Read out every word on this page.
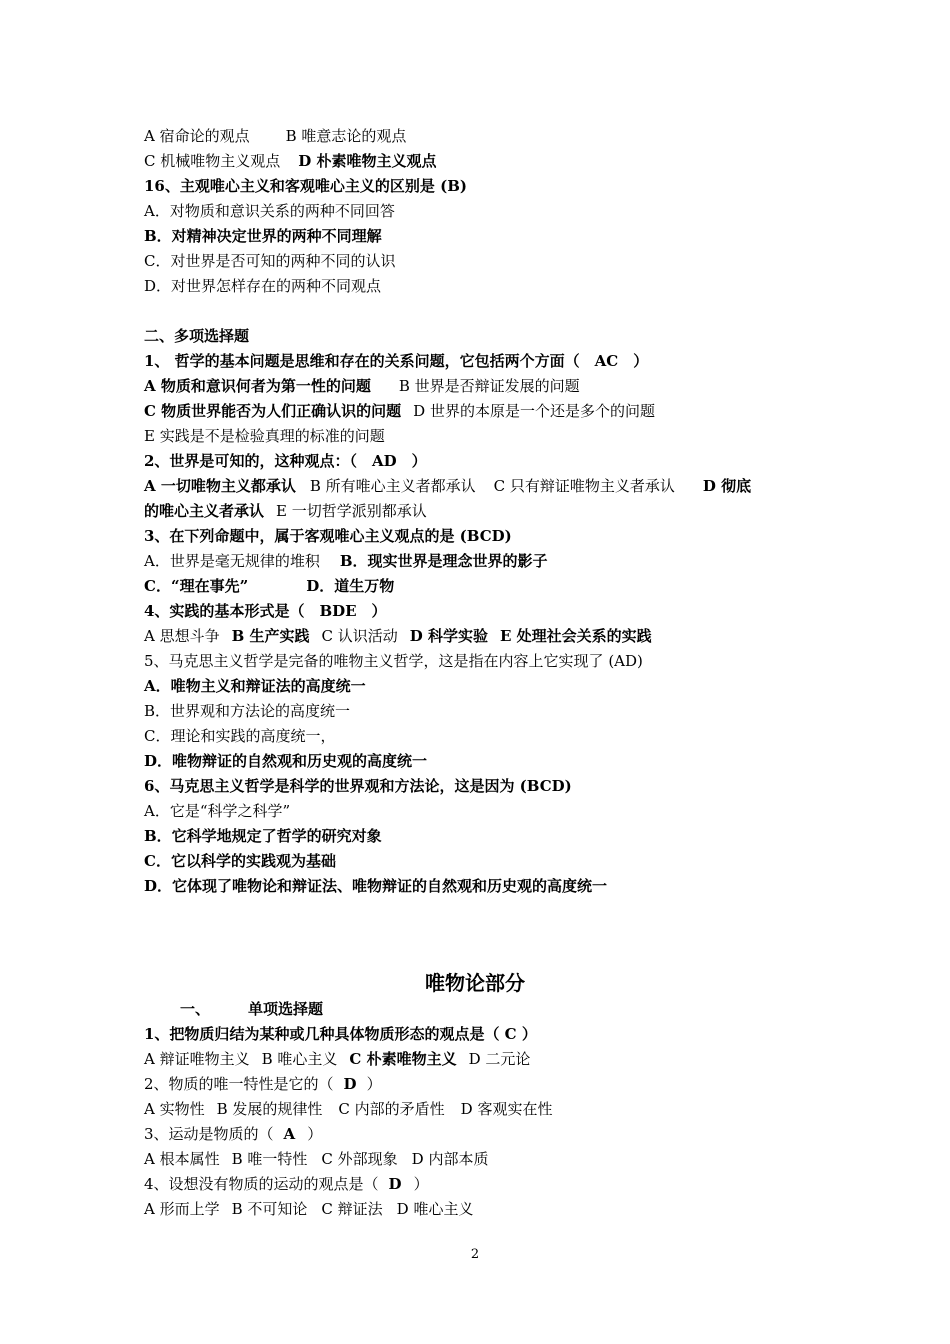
A 宿命论的观点 B 唯意志论的观点
C 机械唯物主义观点 D 朴素唯物主义观点
16、主观唯心主义和客观唯心主义的区别是 (B)
A．对物质和意识关系的两种不同回答
B．对精神决定世界的两种不同理解
C．对世界是否可知的两种不同的认识
D．对世界怎样存在的两种不同观点
二、多项选择题
1、 哲学的基本问题是思维和存在的关系问题，它包括两个方面（　AC　）
A 物质和意识何者为第一性的问题 B 世界是否辩证发展的问题
C 物质世界能否为人们正确认识的问题 D 世界的本原是一个还是多个的问题
E 实践是不是检验真理的标准的问题
2、世界是可知的，这种观点：（　AD　）
A 一切唯物主义都承认 B 所有唯心主义者都承认 C 只有辩证唯物主义者承认 D 彻底
的唯心主义者承认 E 一切哲学派别都承认
3、在下列命题中，属于客观唯心主义观点的是 (BCD)
A．世界是毫无规律的堆积 B．现实世界是理念世界的影子
C．“理在事先”	D．道生万物
4、实践的基本形式是（　BDE　）
A 思想斗争 B 生产实践 C 认识活动 D 科学实验 E 处理社会关系的实践
5、马克思主义哲学是完备的唯物主义哲学，这是指在内容上它实现了 (AD)
A．唯物主义和辩证法的高度统一
B．世界观和方法论的高度统一
C．理论和实践的高度统一，
D．唯物辩证的自然观和历史观的高度统一
6、马克思主义哲学是科学的世界观和方法论，这是因为 (BCD)
A．它是“科学之科学”
B．它科学地规定了哲学的研究对象
C．它以科学的实践观为基础
D．它体现了唯物论和辩证法、唯物辩证的自然观和历史观的高度统一
唯物论部分
一、	单项选择题
1、把物质归结为某种或几种具体物质形态的观点是（ C ）
A 辩证唯物主义 B 唯心主义 C 朴素唯物主义 D 二元论
2、物质的唯一特性是它的（ D ）
A 实物性 B 发展的规律性 C 内部的矛盾性 D 客观实在性
3、运动是物质的（ A ）
A 根本属性 B 唯一特性 C 外部现象 D 内部本质
4、设想没有物质的运动的观点是（ D ）
A 形而上学 B 不可知论 C 辩证法 D 唯心主义
2
